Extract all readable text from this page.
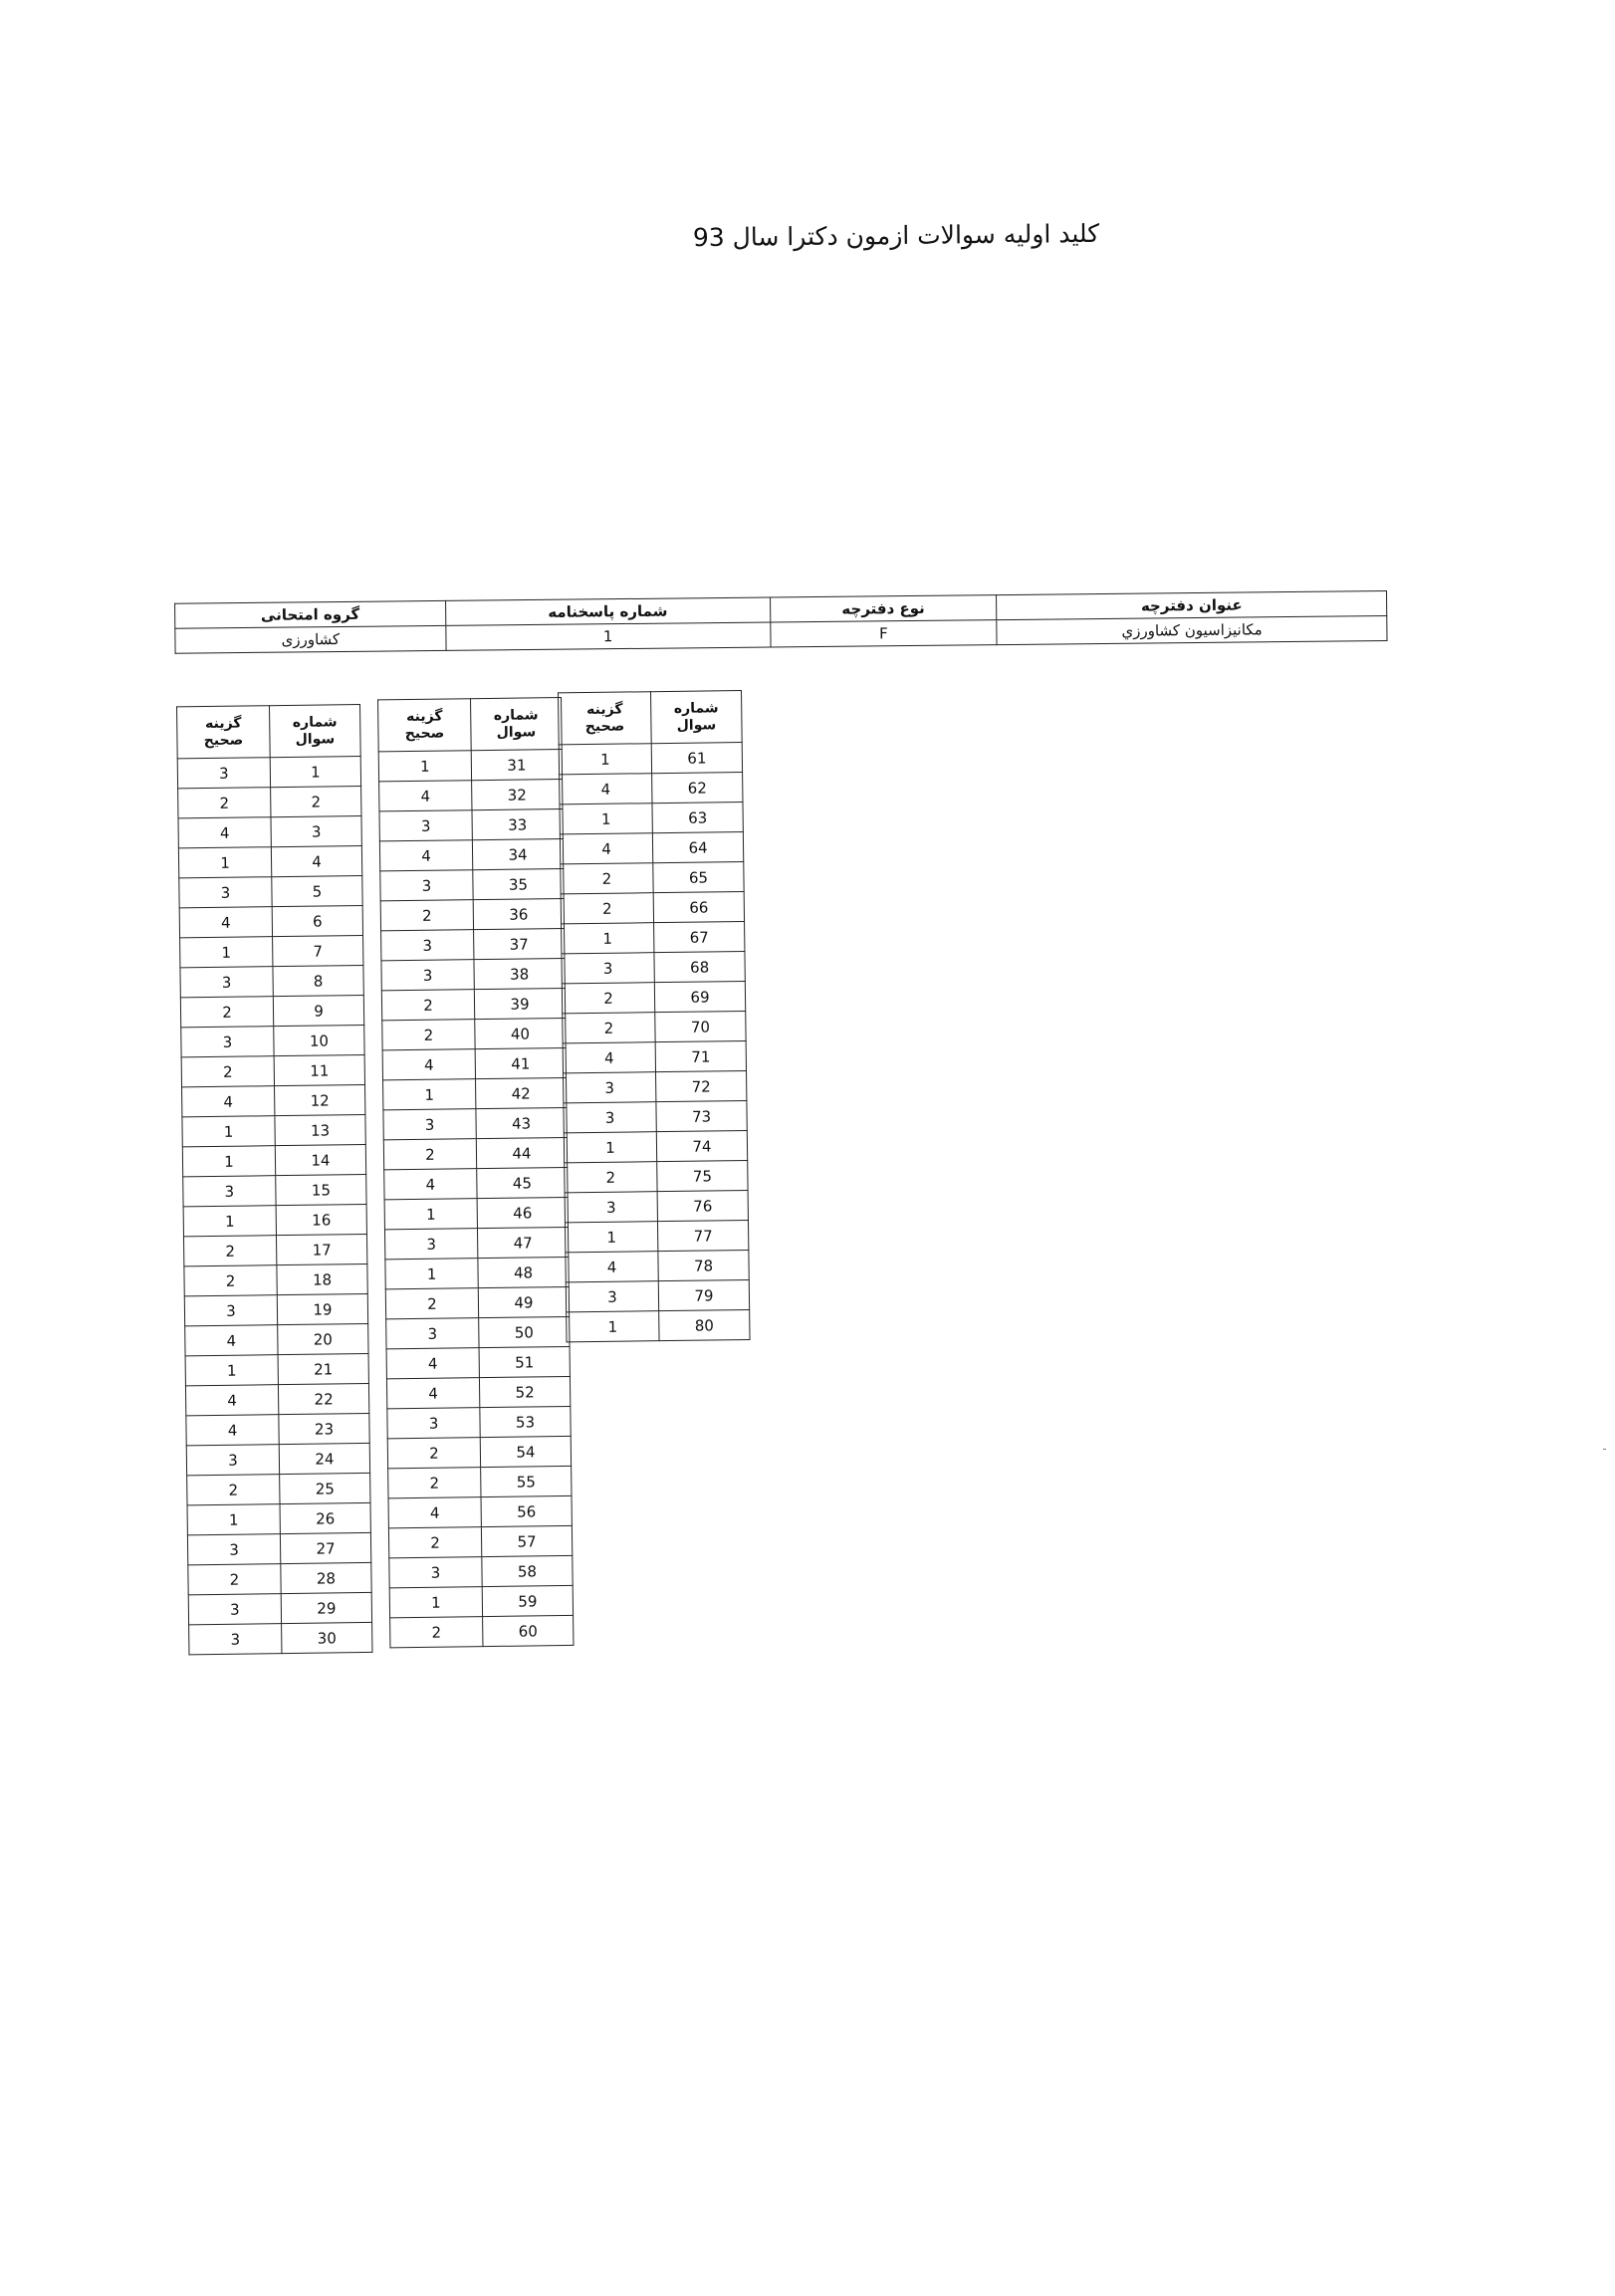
کلید اولیه سوالات ازمون دکترا سال 93
عنوان دفترچه	نوع دفترچه	شماره پاسخنامه	گروه امتحانی
مکانیزاسیون کشاورزي	F	1	کشاورزی
شماره
سوال	گزینه
صحیح
1	3
2	2
3	4
4	1
5	3
6	4
7	1
8	3
9	2
10	3
11	2
12	4
13	1
14	1
15	3
16	1
17	2
18	2
19	3
20	4
21	1
22	4
23	4
24	3
25	2
26	1
27	3
28	2
29	3
30	3
شماره
سوال	گزینه
صحیح
31	1
32	4
33	3
34	4
35	3
36	2
37	3
38	3
39	2
40	2
41	4
42	1
43	3
44	2
45	4
46	1
47	3
48	1
49	2
50	3
51	4
52	4
53	3
54	2
55	2
56	4
57	2
58	3
59	1
60	2
شماره
سوال	گزینه
صحیح
61	1
62	4
63	1
64	4
65	2
66	2
67	1
68	3
69	2
70	2
71	4
72	3
73	3
74	1
75	2
76	3
77	1
78	4
79	3
80	1
